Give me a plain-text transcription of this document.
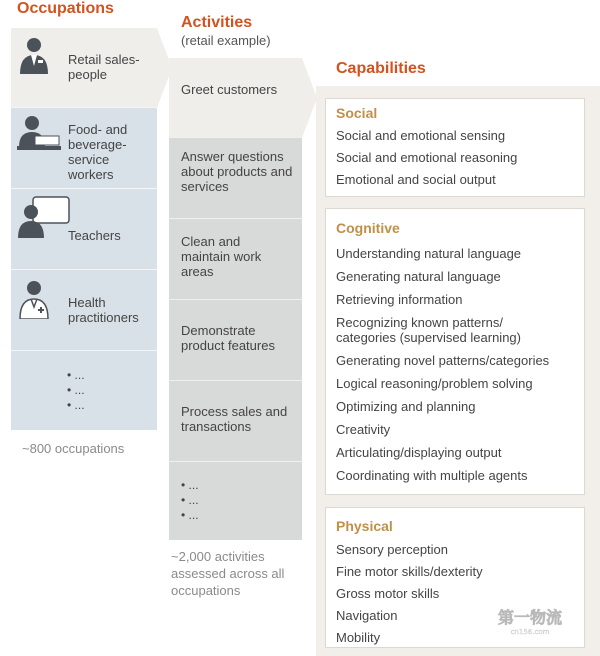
Occupations
Retail sales-people
Food- and beverage-service workers
Teachers
Health practitioners
• ...
• ...
• ...
~800 occupations
Activities
(retail example)
Greet customers
Answer questions about products and services
Clean and maintain work areas
Demonstrate product features
Process sales and transactions
• ...
• ...
• ...
~2,000 activities assessed across all occupations
Capabilities
Social
Social and emotional sensing
Social and emotional reasoning
Emotional and social output
Cognitive
Understanding natural language
Generating natural language
Retrieving information
Recognizing known patterns/
categories (supervised learning)
Generating novel patterns/categories
Logical reasoning/problem solving
Optimizing and planning
Creativity
Articulating/displaying output
Coordinating with multiple agents
Physical
Sensory perception
Fine motor skills/dexterity
Gross motor skills
Navigation
Mobility
第一物流
cn156.com
